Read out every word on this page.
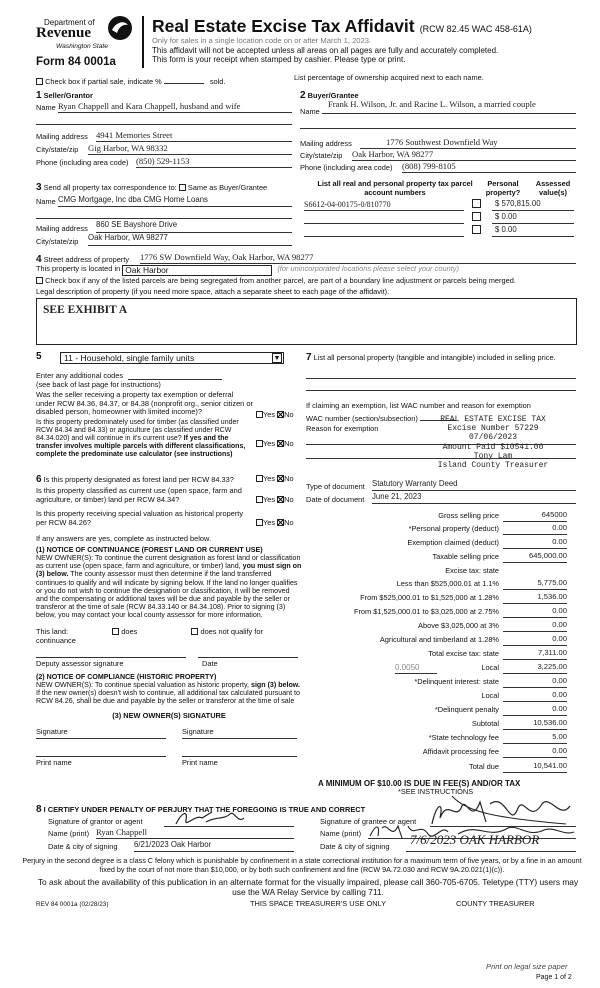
Department of
Revenue
Washington State
Form 84 0001a
Real Estate Excise Tax Affidavit (RCW 82.45 WAC 458-61A)
Only for sales in a single location code on or after March 1, 2023.
This affidavit will not be accepted unless all areas on all pages are fully and accurately completed.
This form is your receipt when stamped by cashier. Please type or print.
Check box if partial sale, indicate %	sold.	List percentage of ownership acquired next to each name.
1 Seller/Grantor
Name Ryan Chappell and Kara Chappell, husband and wife
Mailing address 4941 Memories Street
City/state/zip Gig Harbor, WA 98332
Phone (including area code) (850) 529-1153
2 Buyer/Grantee
Name
Frank H. Wilson, Jr. and Racine L. Wilson, a married couple
Mailing address	1776 Southwest Downfield Way
City/state/zip Oak Harbor, WA 98277
Phone (including area code) (808) 799-8105
3 Send all property tax correspondence to: Same as Buyer/Grantee
Name CMG Mortgage, Inc dba CMG Home Loans
Mailing address 860 SE Bayshore Drive
City/state/zip Oak Harbor, WA 98277
List all real and personal property tax parcel account numbers
Personal property?
Assessed value(s)
S6612-04-00175-0/810770	$ 570,815.00
$ 0.00
$ 0.00
4 Street address of property 1776 SW Downfield Way, Oak Harbor, WA 98277
This property is located in Oak Harbor	(for unincorporated locations please select your county)
Check box if any of the listed parcels are being segregated from another parcel, are part of a boundary line adjustment or parcels being merged.
Legal description of property (if you need more space, attach a separate sheet to each page of the affidavit).
SEE EXHIBIT A
5	11 - Household, single family units	▼
Enter any additional codes
(see back of last page for instructions)
Was the seller receiving a property tax exemption or deferral under RCW 84.36, 84.37, or 84.38 (nonprofit org., senior citizen or disabled person, homeowner with limited income)?	Yes No
Is this property predominately used for timber (as classified under RCW 84.34 and 84.33) or agriculture (as classified under RCW 84.34.020) and will continue in it's current use? If yes and the transfer involves multiple parcels with different classifications, complete the predominate use calculator (see instructions)
Yes No
6 Is this property designated as forest land per RCW 84.33?	Yes No
Is this property classified as current use (open space, farm and agriculture, or timber) land per RCW 84.34?	Yes No
Is this property receiving special valuation as historical property per RCW 84.26?	Yes No
If any answers are yes, complete as instructed below.
(1) NOTICE OF CONTINUANCE (FOREST LAND OR CURRENT USE)
NEW OWNER(S): To continue the current designation as forest land or classification as current use (open space, farm and agriculture, or timber) land, you must sign on (3) below. The county assessor must then determine if the land transferred continues to qualify and will indicate by signing below. If the land no longer qualifies or you do not wish to continue the designation or classification, it will be removed and the compensating or additional taxes will be due and payable by the seller or transferor at the time of sale (RCW 84.33.140 or 84.34.108). Prior to signing (3) below, you may contact your local county assessor for more information.
This land:	does	does not qualify for
continuance
Deputy assessor signature	Date
(2) NOTICE OF COMPLIANCE (HISTORIC PROPERTY)
NEW OWNER(S): To continue special valuation as historic property, sign (3) below. If the new owner(s) doesn't wish to continue, all additional tax calculated pursuant to RCW 84.26, shall be due and payable by the seller or transferor at the time of sale
(3) NEW OWNER(S) SIGNATURE
Signature	Signature
Print name	Print name
7 List all personal property (tangible and intangible) included in selling price.
If claiming an exemption, list WAC number and reason for exemption
WAC number (section/subsection)
Reason for exemption
REAL ESTATE EXCISE TAX
Excise Number 57229
07/06/2023
Amount Paid $10541.00
Tony Lam
Island County Treasurer
Type of document Statutory Warranty Deed
Date of document June 21, 2023
Gross selling price	645000
*Personal property (deduct)	0.00
Exemption claimed (deduct)	0.00
Taxable selling price	645,000.00
Excise tax: state
Less than $525,000.01 at 1.1%	5,775.00
From $525,000.01 to $1,525,000 at 1.28%	1,536.00
From $1,525,000.01 to $3,025,000 at 2.75%	0.00
Above $3,025,000 at 3%	0.00
Agricultural and timberland at 1.28%	0.00
Total excise tax: state	7,311.00
0.0050	Local	3,225.00
*Delinquent interest: state	0.00
Local	0.00
*Delinquent penalty	0.00
Subtotal	10,536.00
*State technology fee	5.00
Affidavit processing fee	0.00
Total due	10,541.00
A MINIMUM OF $10.00 IS DUE IN FEE(S) AND/OR TAX
*SEE INSTRUCTIONS
8 I CERTIFY UNDER PENALTY OF PERJURY THAT THE FOREGOING IS TRUE AND CORRECT
Signature of grantor or agent
Name (print) Ryan Chappell
Date & city of signing 6/21/2023 Oak Harbor
Signature of grantee or agent
Name (print)
Date & city of signing 7/6/2023 OAK HARBOR
Perjury in the second degree is a class C felony which is punishable by confinement in a state correctional institution for a maximum term of five years, or by a fine in an amount fixed by the court of not more than $10,000, or by both such confinement and fine (RCW 9A.72.030 and RCW 9A.20.021(1)(c)).
To ask about the availability of this publication in an alternate format for the visually impaired, please call 360-705-6705. Teletype (TTY) users may use the WA Relay Service by calling 711.
REV 84 0001a (02/28/23)	THIS SPACE TREASURER'S USE ONLY	COUNTY TREASURER
Print on legal size paper
Page 1 of 2
